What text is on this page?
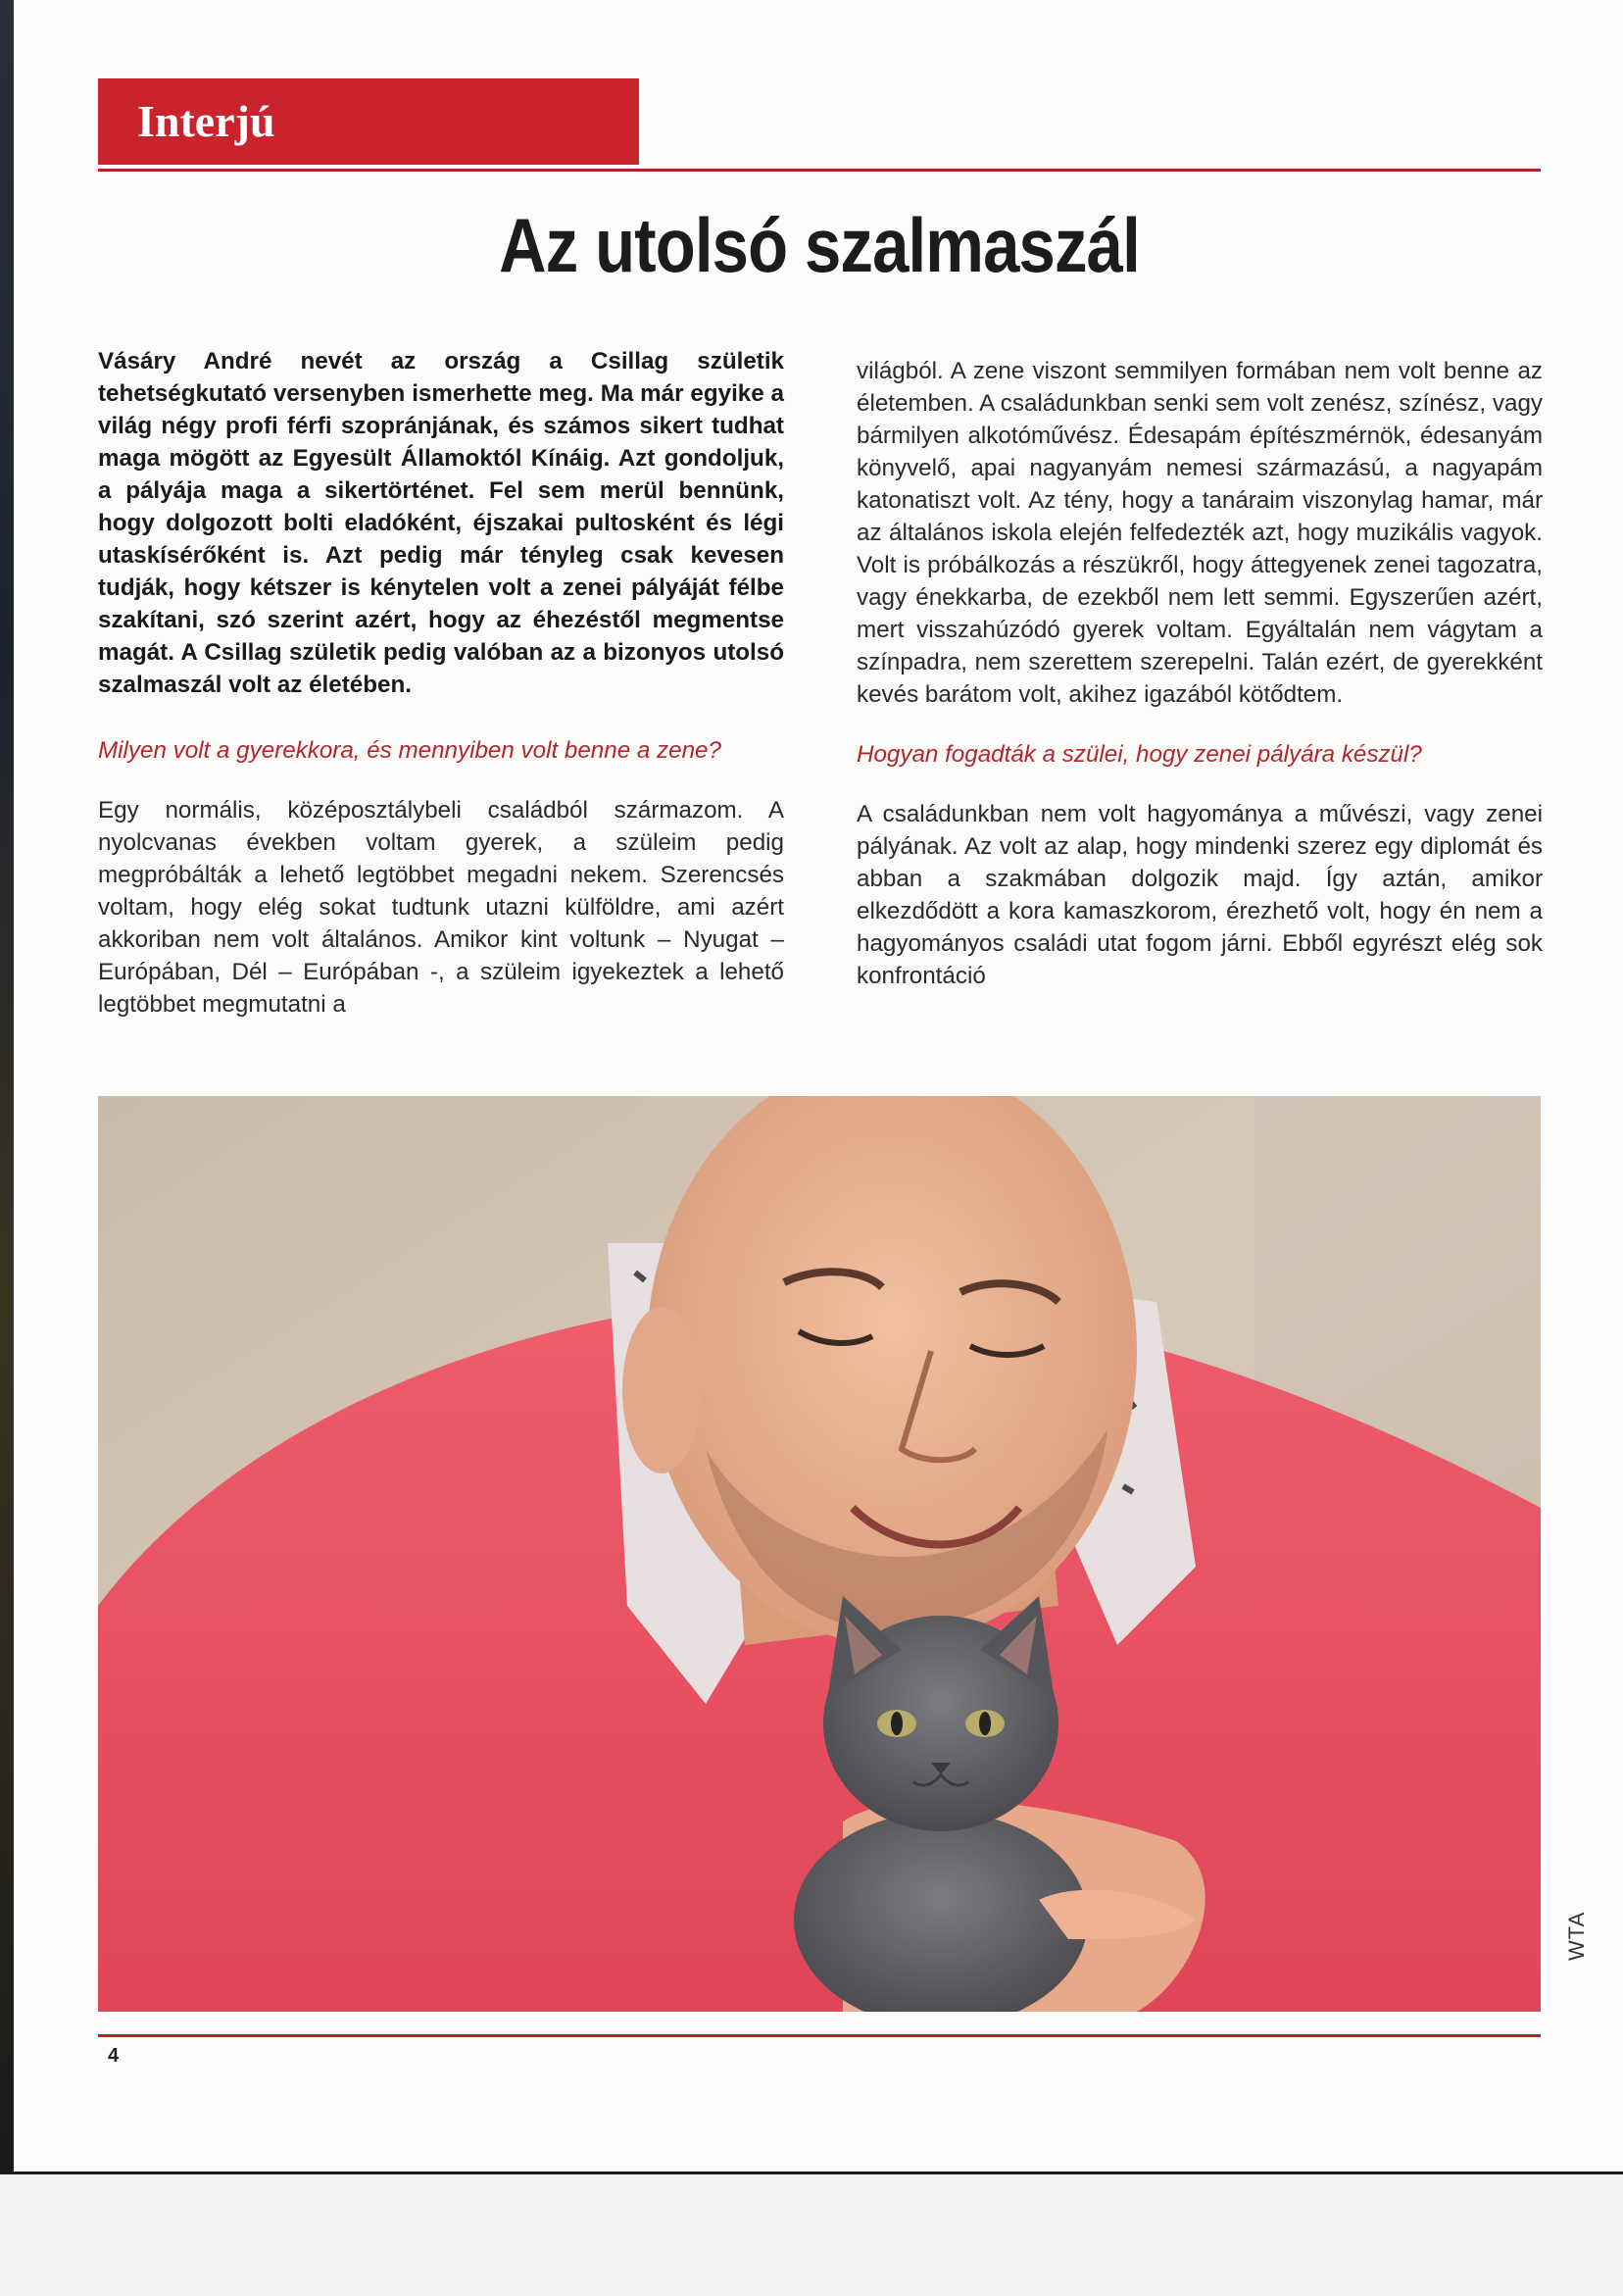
Interjú
Az utolsó szalmaszál

Vásáry André nevét az ország a Csillag születik tehetségkutató versenyben ismerhette meg. Ma már egyike a világ négy profi férfi szopránjának, és számos sikert tudhat maga mögött az Egyesült Államoktól Kínáig. Azt gondoljuk, a pályája maga a sikertörténet. Fel sem merül bennünk, hogy dolgozott bolti eladóként, éjszakai pultosként és légi utaskísérőként is. Azt pedig már tényleg csak kevesen tudják, hogy kétszer is kénytelen volt a zenei pályáját félbe szakítani, szó szerint azért, hogy az éhezéstől megmentse magát. A Csillag születik pedig valóban az a bizonyos utolsó szalmaszál volt az életében.

Milyen volt a gyerekkora, és mennyiben volt benne a zene?

Egy normális, középosztálybeli családból származom. A nyolcvanas években voltam gyerek, a szüleim pedig megpróbálták a lehető legtöbbet megadni nekem. Szerencsés voltam, hogy elég sokat tudtunk utazni külföldre, ami azért akkoriban nem volt általános. Amikor kint voltunk – Nyugat – Európában, Dél – Európában -, a szüleim igyekeztek a lehető legtöbbet megmutatni a

világból. A zene viszont semmilyen formában nem volt benne az életemben. A családunkban senki sem volt zenész, színész, vagy bármilyen alkotóművész. Édesapám építészmérnök, édesanyám könyvelő, apai nagyanyám nemesi származású, a nagyapám katonatiszt volt. Az tény, hogy a tanáraim viszonylag hamar, már az általános iskola elején felfedezték azt, hogy muzikális vagyok. Volt is próbálkozás a részükről, hogy áttegyenek zenei tagozatra, vagy énekkarba, de ezekből nem lett semmi. Egyszerűen azért, mert visszahúzódó gyerek voltam. Egyáltalán nem vágytam a színpadra, nem szerettem szerepelni. Talán ezért, de gyerekként kevés barátom volt, akihez igazából kötődtem.

Hogyan fogadták a szülei, hogy zenei pályára készül?

A családunkban nem volt hagyománya a művészi, vagy zenei pályának. Az volt az alap, hogy mindenki szerez egy diplomát és abban a szakmában dolgozik majd. Így aztán, amikor elkezdődött a kora kamaszkorom, érezhető volt, hogy én nem a hagyományos családi utat fogom járni. Ebből egyrészt elég sok konfrontáció

WTA
4
